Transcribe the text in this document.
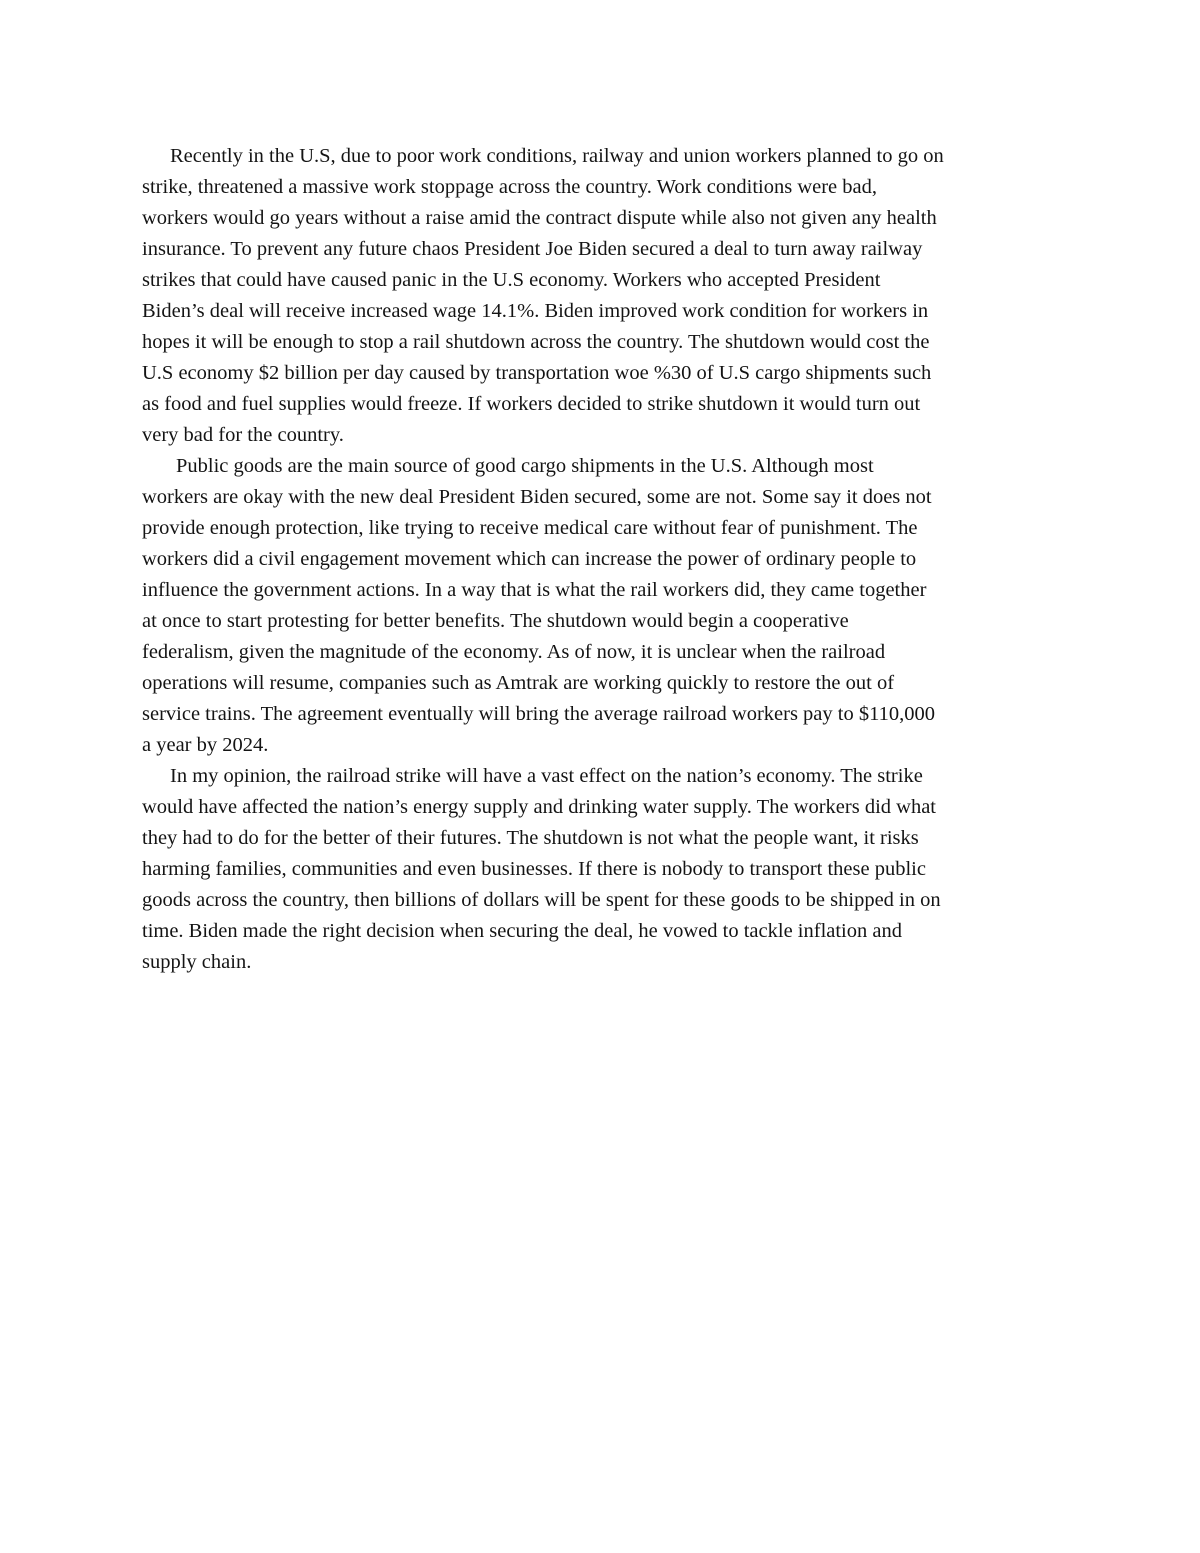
Recently in the U.S, due to poor work conditions, railway and union workers planned to go on
strike, threatened a massive work stoppage across the country. Work conditions were bad,
workers would go years without a raise amid the contract dispute while also not given any health
insurance. To prevent any future chaos President Joe Biden secured a deal to turn away railway
strikes that could have caused panic in the U.S economy. Workers who accepted President
Biden’s deal will receive increased wage 14.1%. Biden improved work condition for workers in
hopes it will be enough to stop a rail shutdown across the country. The shutdown would cost the
U.S economy $2 billion per day caused by transportation woe %30 of U.S cargo shipments such
as food and fuel supplies would freeze. If workers decided to strike shutdown it would turn out
very bad for the country.

Public goods are the main source of good cargo shipments in the U.S. Although most
workers are okay with the new deal President Biden secured, some are not. Some say it does not
provide enough protection, like trying to receive medical care without fear of punishment. The
workers did a civil engagement movement which can increase the power of ordinary people to
influence the government actions. In a way that is what the rail workers did, they came together
at once to start protesting for better benefits. The shutdown would begin a cooperative
federalism, given the magnitude of the economy. As of now, it is unclear when the railroad
operations will resume, companies such as Amtrak are working quickly to restore the out of
service trains. The agreement eventually will bring the average railroad workers pay to $110,000
a year by 2024.

In my opinion, the railroad strike will have a vast effect on the nation’s economy. The strike
would have affected the nation’s energy supply and drinking water supply. The workers did what
they had to do for the better of their futures. The shutdown is not what the people want, it risks
harming families, communities and even businesses. If there is nobody to transport these public
goods across the country, then billions of dollars will be spent for these goods to be shipped in on
time. Biden made the right decision when securing the deal, he vowed to tackle inflation and
supply chain.
